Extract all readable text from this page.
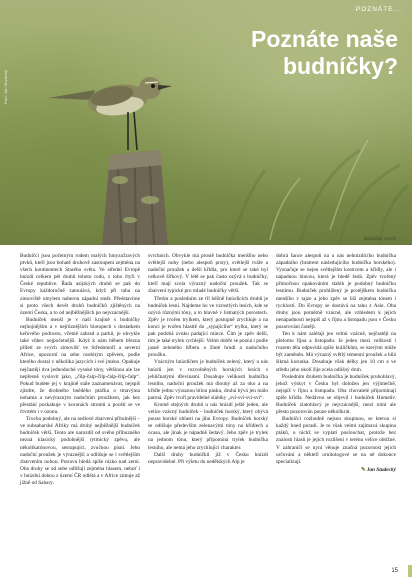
POZNÁTE...
Poznáte naše
budníčky?
Foto: Jan Studecký
Budníček menší

Budníčci jsou početným rodem malých hmyzožravých ptvků, kteří jsou bohatě druhově zastoupeni zejména na všech kontinentech Starého světa. Ve střední Evropě hnízdí celkem pět druhů tohoto rodu, z toho čtyři v České republice. Řada asijských druhů se pak do Evropy každoročně zatoulává, když při tahu na zimoviště omylem naberou západní směr. Představíme si proto všech devět druhů budníčků zjištěných na území Česka, a to od nejběžnějších po nejvzácnější.

Budníček menší je v naší krajině s budníčky nejhojnějším a v nejrůznějších biotopech s dostatkem keřového podrostu, včetně zahrad a parků, je obvykle také vůbec nejpočetnější. Když k nám během března přiletí ze svých zimovišť ve Středomoří a severní Africe, upozorní na sebe osobitým zpěvem, podle kterého dostal v několika jazycích i své jméno. Opakuje nejčastěji dva jednoduché vysoké tóny, většinou ale lze nepřesně vyslovit jako, „čilp-čalp-čilp-čalp-čilp-čalp“. Pokud budete jej v krajině stále zaznamenávat, nejspíš zjistíte, že drobného hnědého ptáčka o tmavýma nohama a nevýrazným nadočním proužkem, jak bez přestání poskakuje v korunách stromů a pouští se ve čtvrtém i v ozonu.

Trochu podobný, ale na sedlové zbarvení přítulnější – ve subsaharské Afriky má druhý nejběžnější budníček budníček větší. Tento ale narozdíl od svého příbuzného nezná klasický podobnější rytmický zpěvu, ale několikatónovou, sestupující, zvučnou písní. Jeho nadoční proužek je výraznější a odlišuje se i světlejším zbarvením nohou. Potravu hledá spíše nízko nad zemí. Oba druhy se od sebe odlišují zejména hlasem, neboť i v hnízdní dobou z území ČR odlétá a v Africe zimuje až jižně od Sahary.

svrchních. Obvykle má prostě budníčka menšího nebo světlejší nohy (nebo alespoň prsty), světlejší tváře a nadoční proužek a delší křídla, pro které se také byl celkově šířkový. V létě se pak často ozývá s budníčky, kteří mají zcela výrazný nadoční proužek. Tak se zbarvení typické pro mladé budníčky větší.

Třetím a posledním ze tří běžně hnízdících druhů je budníček lesní. Najdeme ho ve vzrostlých lesích, kde se ozývá různými tóny, a to hlavně v listnatých porostech. Zpěv je tvořen trylkem, který postupně zrychluje a na konci je tvořen hlasitě do „sypajícího“ trylku, který se pak podobá zvuku padající mince. Čím je zpěv delší, tím je také trylek rychlejší. Velmi dobře se pozná i podle jasně zeleného hřbetu a žluté hrudi a nadočního proužku.

Vzácným hnízdičem je budníček zelený, který u nás hnízdí jen v rozvolněných horských lesích s jehličnatými dřevinami. Dosahuje velikosti budníčka lesního, nadoční proužek má dlouhý až za oko a na křídle jednu výraznou bílou pásku, druhá bývá jen málo patrná. Zpěv tvoří pravidelné slabiky „svi-svi-svi-svi“.

Kromě stejných druhů u nás hnízdí ještě jeden, ale velice vzácný budníček – budníček horský, který obývá pouze horské oblasti na jihu Evropy. Budníček horský se odlišuje především zelenavými tóny na křídlech a ocasu, ale jinak je nápadně šedavý. Jeho zpěv je trylek na jednom tónu, který připomíná trylek budníčka lesního, ale nemá jeho zrychlující charakter.

Další druhy budníčků již v Česku hnízdí nepravidelně. Při výletu do nedělských Alp je

dobrá šance alespoň na u nás nehnízdícího budníčka západního (bratrem následujícího budníčka horského). Vyznačuje se nejen světlejším kostrcem a křídly, ale i nápadnou hlavou, která je bledě šedá. Zpěv tvořený přimočnou opakováním slabik je podobný budníčku lesnímu. Budníček prohlížený je protějškem budníčka menšího v tajze a jeho zpěv se liší zejména tónem i rychlostí. Do Evropy se dostává na tahu z Asie. Oba druhy jsou poměrně vzácné, ale vzhledem k jejich nenápadnosti nejspíš až v říjnu a listopadu jsou v Česku pozorováni častěji.

Ten k nám zalétají jen velmi vzácně, nejčastěji na přelomu října a listopadu. Je jeden mezi velikostí i tvarem těla odpovídá spíše králíčkům, se kterými může být zaměněn. Má výrazný světlý temenní proužek a bílá šikmá korunka. Dosahuje však délky jen 10 cm a ve středu jeho okolí žije zcela odlišný druh.

Posledním druhem budníčka je budníček pruhohlavý, jehož výskyt v Česku byl doložen jen výjimečně, nejspíš v říjnu a listopadu. Oba chovatelé připomínají spíše křídla. Nedávno se objevil i budníček Humeův. Budníček zlatohlavý je nejvzácnější, mezi nimi ale přesto pozorován pouze několikrát.

Budníčci rozhodně nejsou skupinou, se kterou si každý hned poradí. Je to však velmi zajímavá skupina ptáků, u nichž se vyplatí poslouchat, protože bez znalosti hlasů je jejich rozlišení v terénu velice obtížné. V zahraničí se nyní věnuje značná pozornost jejich určování a někteří ornitologové se na ně dokonce specializují.

✎ Jan Studecký
15
